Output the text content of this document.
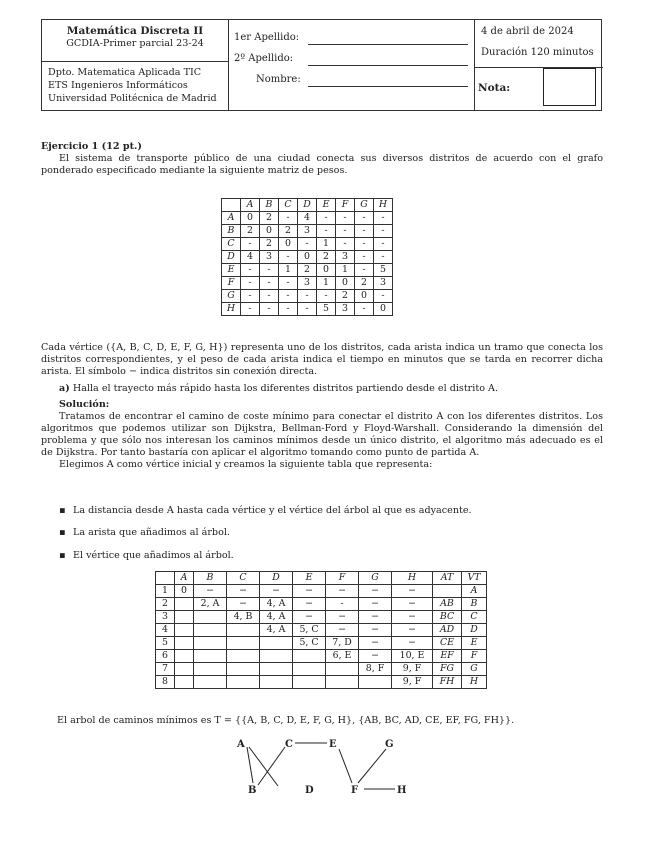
Matemática Discreta II
GCDIA-Primer parcial 23-24
Dpto. Matematica Aplicada TIC
ETS Ingenieros Informáticos
Universidad Politécnica de Madrid
1er Apellido:
2º Apellido:
Nombre:
4 de abril de 2024
Duración 120 minutos
Nota:

Ejercicio 1 (12 pt.)

El sistema de transporte público de una ciudad conecta sus diversos distritos de acuerdo con el grafo ponderado especificado mediante la siguiente matriz de pesos.

	A	B	C	D	E	F	G	H
A	0	2	-	4	-	-	-	-
B	2	0	2	3	-	-	-	-
C	-	2	0	-	1	-	-	-
D	4	3	-	0	2	3	-	-
E	-	-	1	2	0	1	-	5
F	-	-	-	3	1	0	2	3
G	-	-	-	-	-	2	0	-
H	-	-	-	-	5	3	-	0

Cada vértice ({A, B, C, D, E, F, G, H}) representa uno de los distritos, cada arista indica un tramo que conecta los distritos correspondientes, y el peso de cada arista indica el tiempo en minutos que se tarda en recorrer dicha arista. El símbolo − indica distritos sin conexión directa.

a) Halla el trayecto más rápido hasta los diferentes distritos partiendo desde el distrito A.

Solución:

Tratamos de encontrar el camino de coste mínimo para conectar el distrito A con los diferentes distritos. Los algoritmos que podemos utilizar son Dijkstra, Bellman-Ford y Floyd-Warshall. Considerando la dimensión del problema y que sólo nos interesan los caminos mínimos desde un único distrito, el algoritmo más adecuado es el de Dijkstra. Por tanto bastaría con aplicar el algoritmo tomando como punto de partida A.

Elegimos A como vértice inicial y creamos la siguiente tabla que representa:

▪ La distancia desde A hasta cada vértice y el vértice del árbol al que es adyacente.
▪ La arista que añadimos al árbol.
▪ El vértice que añadimos al árbol.
	A	B	C	D	E	F	G	H	AT	VT
1	0	−	−	−	−	−	−	−		A
2		2, A	−	4, A	−	-	−	−	AB	B
3			4, B	4, A	−	−	−	−	BC	C
4				4, A	5, C	−	−	−	AD	D
5					5, C	7, D	−	−	CE	E
6						6, E	−	10, E	EF	F
7							8, F	9, F	FG	G
8								9, F	FH	H
El arbol de caminos mínimos es T = {{A, B, C, D, E, F, G, H}, {AB, BC, AD, CE, EF, FG, FH}}.
A	C	E	G
B	D	F	H
